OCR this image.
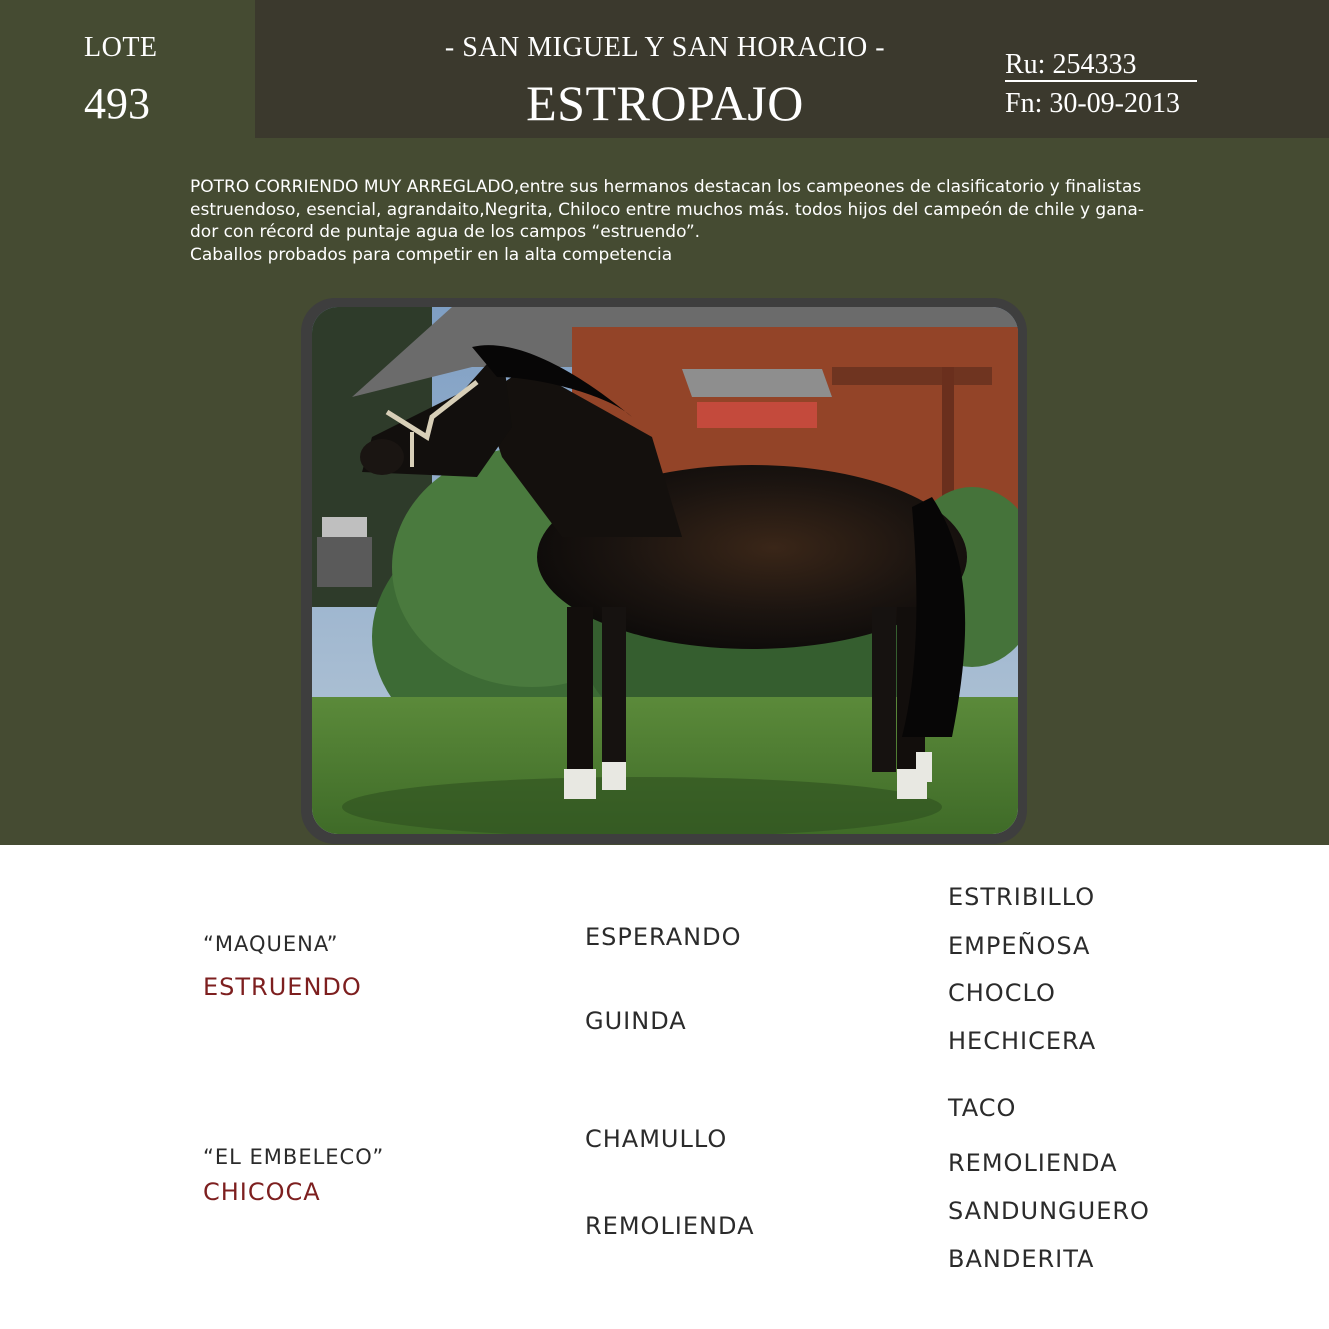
LOTE
493
- SAN MIGUEL Y SAN HORACIO -
ESTROPAJO
Ru: 254333
Fn: 30-09-2013

POTRO CORRIENDO MUY ARREGLADO,entre sus hermanos destacan los campeones de clasificatorio y finalistas

estruendoso, esencial, agrandaito,Negrita, Chiloco entre muchos más. todos hijos del campeón de chile y gana-

dor con récord de puntaje agua de los campos “estruendo”.

Caballos probados para competir en la alta competencia

“MAQUENA”
ESTRUENDO
“EL EMBELECO”
CHICOCA
ESPERANDO
GUINDA
CHAMULLO
REMOLIENDA
ESTRIBILLO
EMPEÑOSA
CHOCLO
HECHICERA
TACO
REMOLIENDA
SANDUNGUERO
BANDERITA
